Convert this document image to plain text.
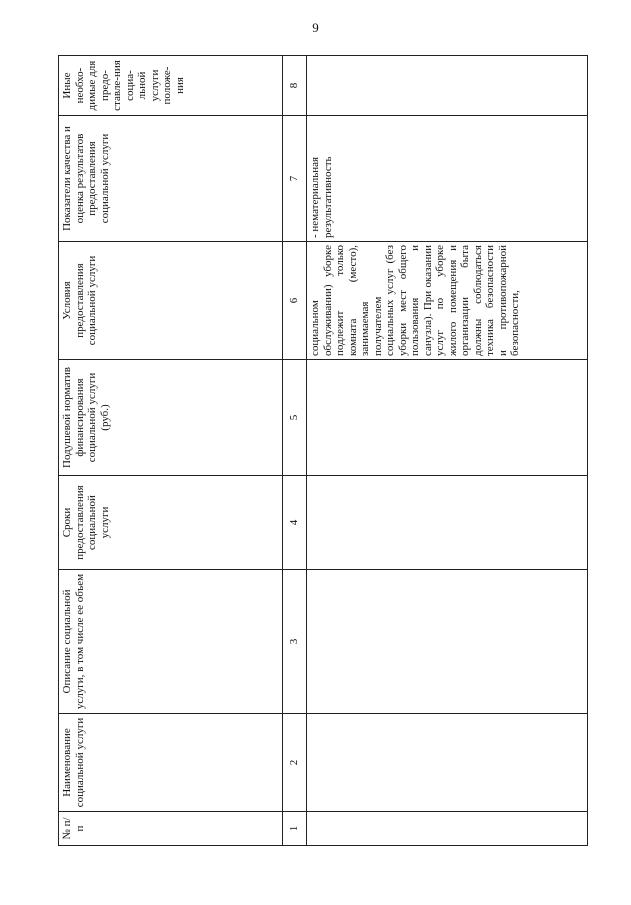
9
№ п/п	Наименование социальной услуги	Описание социальной услуги, в том числе ее объем	Сроки предоставления социальной услуги	Подушевой норматив финансирования социальной услуги (руб.)	Условия предоставления социальной услуги	Показатели качества и оценка результатов предоставления социальной услуги	Иные необхо-димые для предо-ставле-ния социа-льной услуги положе-ния
1	2	3	4	5	6	7	8
					социальном обслуживании) уборке подлежит только комната (место), занимаемая получателем социальных услуг (без уборки мест общего пользования и санузла). При оказании услуг по уборке жилого помещения и организации быта должны соблюдаться техника безопасности и противопожарной безопасности,	- нематериальная результативность	
